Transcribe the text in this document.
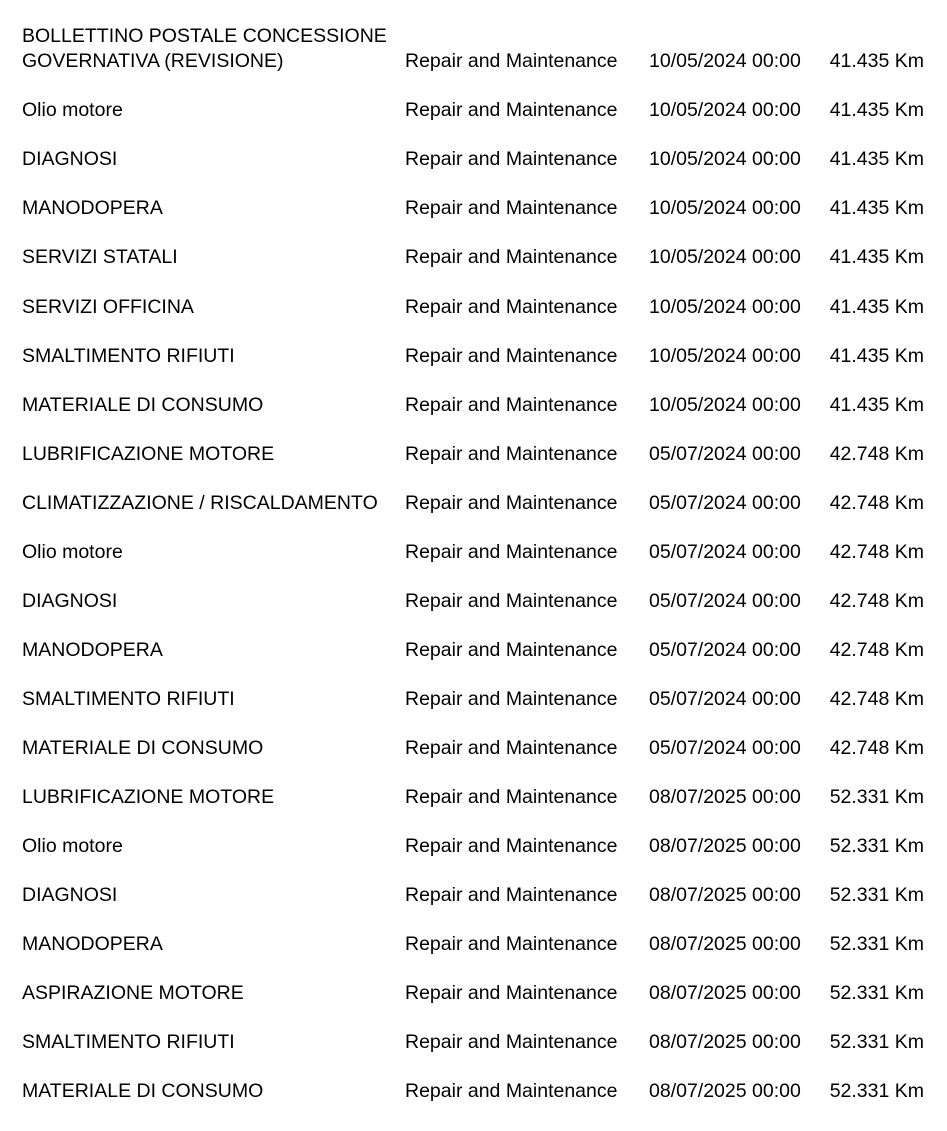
BOLLETTINO POSTALE CONCESSIONE
GOVERNATIVA (REVISIONE)	Repair and Maintenance 10/05/2024 00:00 41.435 Km
Olio motore	Repair and Maintenance 10/05/2024 00:00 41.435 Km
DIAGNOSI	Repair and Maintenance 10/05/2024 00:00 41.435 Km
MANODOPERA	Repair and Maintenance 10/05/2024 00:00 41.435 Km
SERVIZI STATALI	Repair and Maintenance 10/05/2024 00:00 41.435 Km
SERVIZI OFFICINA	Repair and Maintenance 10/05/2024 00:00 41.435 Km
SMALTIMENTO RIFIUTI	Repair and Maintenance 10/05/2024 00:00 41.435 Km
MATERIALE DI CONSUMO	Repair and Maintenance 10/05/2024 00:00 41.435 Km
LUBRIFICAZIONE MOTORE	Repair and Maintenance 05/07/2024 00:00 42.748 Km
CLIMATIZZAZIONE / RISCALDAMENTO Repair and Maintenance 05/07/2024 00:00 42.748 Km
Olio motore	Repair and Maintenance 05/07/2024 00:00 42.748 Km
DIAGNOSI	Repair and Maintenance 05/07/2024 00:00 42.748 Km
MANODOPERA	Repair and Maintenance 05/07/2024 00:00 42.748 Km
SMALTIMENTO RIFIUTI	Repair and Maintenance 05/07/2024 00:00 42.748 Km
MATERIALE DI CONSUMO	Repair and Maintenance 05/07/2024 00:00 42.748 Km
LUBRIFICAZIONE MOTORE	Repair and Maintenance 08/07/2025 00:00 52.331 Km
Olio motore	Repair and Maintenance 08/07/2025 00:00 52.331 Km
DIAGNOSI	Repair and Maintenance 08/07/2025 00:00 52.331 Km
MANODOPERA	Repair and Maintenance 08/07/2025 00:00 52.331 Km
ASPIRAZIONE MOTORE	Repair and Maintenance 08/07/2025 00:00 52.331 Km
SMALTIMENTO RIFIUTI	Repair and Maintenance 08/07/2025 00:00 52.331 Km
MATERIALE DI CONSUMO	Repair and Maintenance 08/07/2025 00:00 52.331 Km
